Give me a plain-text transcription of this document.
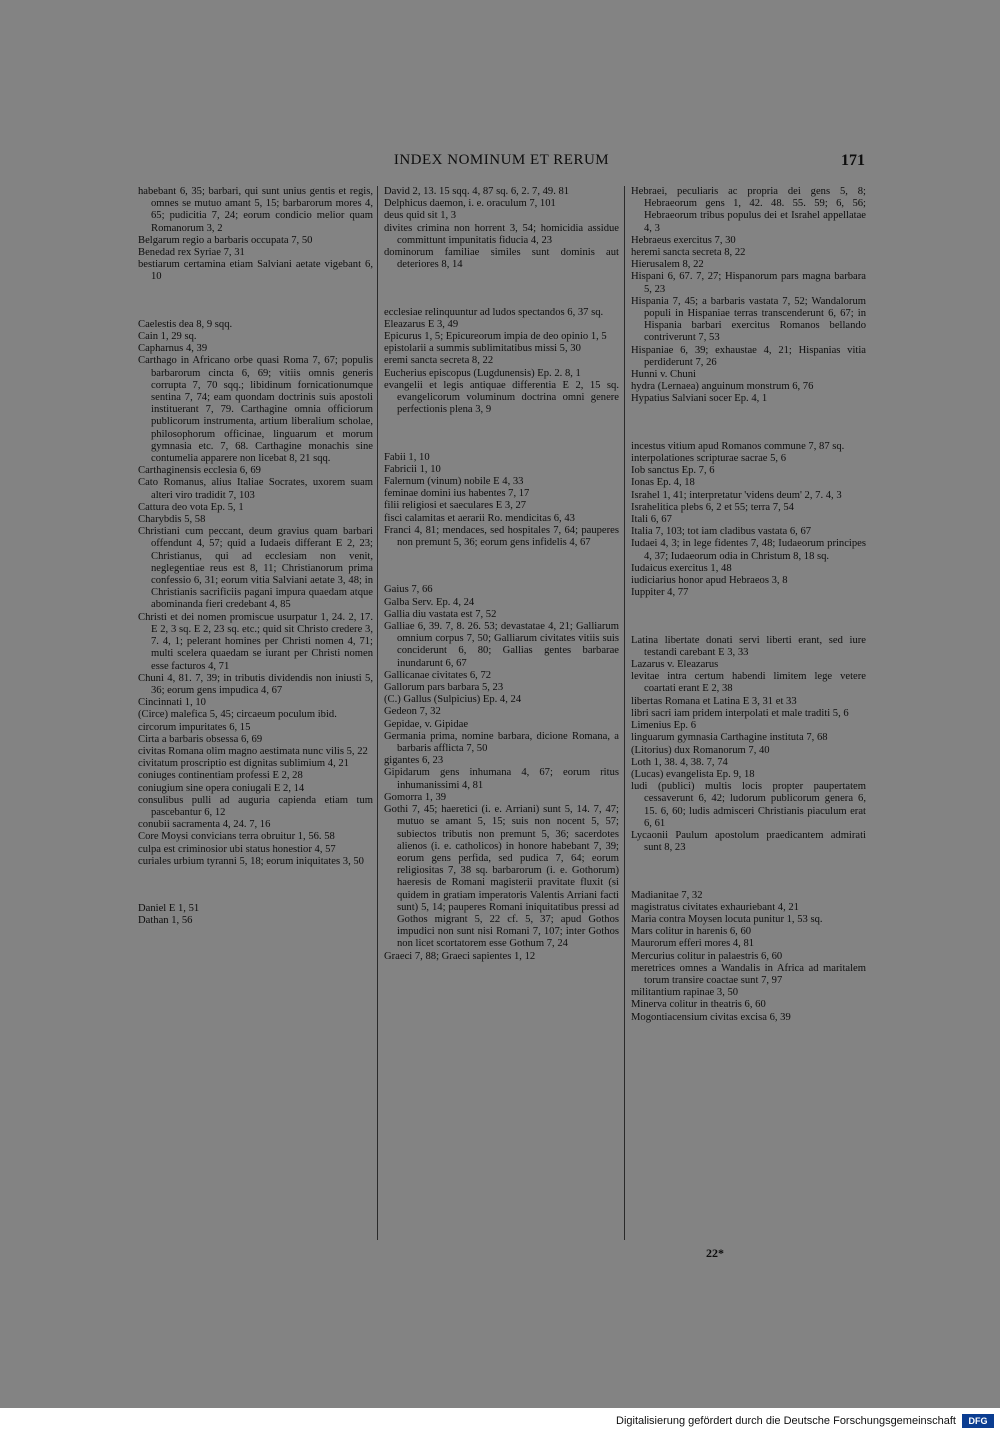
INDEX NOMINUM ET RERUM	171

habebant 6, 35; barbari, qui sunt unius gentis et regis, omnes se mutuo amant 5, 15; barbarorum mores 4, 65; pudicitia 7, 24; eorum condicio melior quam Romanorum 3, 2

Belgarum regio a barbaris occupata 7, 50

Benedad rex Syriae 7, 31

bestiarum certamina etiam Salviani aetate vigebant 6, 10

Caelestis dea 8, 9 sqq.

Cain 1, 29 sq.

Capharnus 4, 39

Carthago in Africano orbe quasi Roma 7, 67; populis barbarorum cincta 6, 69; vitiis omnis generis corrupta 7, 70 sqq.; libidinum fornicationumque sentina 7, 74; eam quondam doctrinis suis apostoli instituerant 7, 79. Carthagine omnia officiorum publicorum instrumenta, artium liberalium scholae, philosophorum officinae, linguarum et morum gymnasia etc. 7, 68. Carthagine monachis sine contumelia apparere non licebat 8, 21 sqq.

Carthaginensis ecclesia 6, 69

Cato Romanus, alius Italiae Socrates, uxorem suam alteri viro tradidit 7, 103

Cattura deo vota Ep. 5, 1

Charybdis 5, 58

Christiani cum peccant, deum gravius quam barbari offendunt 4, 57; quid a Iudaeis differant E 2, 23; Christianus, qui ad ecclesiam non venit, neglegentiae reus est 8, 11; Christianorum prima confessio 6, 31; eorum vitia Salviani aetate 3, 48; in Christianis sacrificiis pagani impura quaedam atque abominanda fieri credebant 4, 85

Christi et dei nomen promiscue usurpatur 1, 24. 2, 17. E 2, 3 sq. E 2, 23 sq. etc.; quid sit Christo credere 3, 7. 4, 1; pelerant homines per Christi nomen 4, 71; multi scelera quaedam se iurant per Christi nomen esse facturos 4, 71

Chuni 4, 81. 7, 39; in tributis dividendis non iniusti 5, 36; eorum gens impudica 4, 67

Cincinnati 1, 10

(Circe) malefica 5, 45; circaeum poculum ibid.

circorum impuritates 6, 15

Cirta a barbaris obsessa 6, 69

civitas Romana olim magno aestimata nunc vilis 5, 22

civitatum proscriptio est dignitas sublimium 4, 21

coniuges continentiam professi E 2, 28

coniugium sine opera coniugali E 2, 14

consulibus pulli ad auguria capienda etiam tum pascebantur 6, 12

conubii sacramenta 4, 24. 7, 16

Core Moysi convicians terra obruitur 1, 56. 58

culpa est criminosior ubi status honestior 4, 57

curiales urbium tyranni 5, 18; eorum iniquitates 3, 50

Daniel E 1, 51

Dathan 1, 56

David 2, 13. 15 sqq. 4, 87 sq. 6, 2. 7, 49. 81

Delphicus daemon, i. e. oraculum 7, 101

deus quid sit 1, 3

divites crimina non horrent 3, 54; homicidia assidue committunt impunitatis fiducia 4, 23

dominorum familiae similes sunt dominis aut deteriores 8, 14

ecclesiae relinquuntur ad ludos spectandos 6, 37 sq.

Eleazarus E 3, 49

Epicurus 1, 5; Epicureorum impia de deo opinio 1, 5

epistolarii a summis sublimitatibus missi 5, 30

eremi sancta secreta 8, 22

Eucherius episcopus (Lugdunensis) Ep. 2. 8, 1

evangelii et legis antiquae differentia E 2, 15 sq. evangelicorum voluminum doctrina omni genere perfectionis plena 3, 9

Fabii 1, 10

Fabricii 1, 10

Falernum (vinum) nobile E 4, 33

feminae domini ius habentes 7, 17

filii religiosi et saeculares E 3, 27

fisci calamitas et aerarii Ro. mendicitas 6, 43

Franci 4, 81; mendaces, sed hospitales 7, 64; pauperes non premunt 5, 36; eorum gens infidelis 4, 67

Gaius 7, 66

Galba Serv. Ep. 4, 24

Gallia diu vastata est 7, 52

Galliae 6, 39. 7, 8. 26. 53; devastatae 4, 21; Galliarum omnium corpus 7, 50; Galliarum civitates vitiis suis conciderunt 6, 80; Gallias gentes barbarae inundarunt 6, 67

Gallicanae civitates 6, 72

Gallorum pars barbara 5, 23

(C.) Gallus (Sulpicius) Ep. 4, 24

Gedeon 7, 32

Gepidae, v. Gipidae

Germania prima, nomine barbara, dicione Romana, a barbaris afflicta 7, 50

gigantes 6, 23

Gipidarum gens inhumana 4, 67; eorum ritus inhumanissimi 4, 81

Gomorra 1, 39

Gothi 7, 45; haeretici (i. e. Arriani) sunt 5, 14. 7, 47; mutuo se amant 5, 15; suis non nocent 5, 57; subiectos tributis non premunt 5, 36; sacerdotes alienos (i. e. catholicos) in honore habebant 7, 39; eorum gens perfida, sed pudica 7, 64; eorum religiositas 7, 38 sq. barbarorum (i. e. Gothorum) haeresis de Romani magisterii pravitate fluxit (si quidem in gratiam imperatoris Valentis Arriani facti sunt) 5, 14; pauperes Romani iniquitatibus pressi ad Gothos migrant 5, 22 cf. 5, 37; apud Gothos impudici non sunt nisi Romani 7, 107; inter Gothos non licet scortatorem esse Gothum 7, 24

Graeci 7, 88; Graeci sapientes 1, 12

Hebraei, peculiaris ac propria dei gens 5, 8; Hebraeorum gens 1, 42. 48. 55. 59; 6, 56; Hebraeorum tribus populus dei et Israhel appellatae 4, 3

Hebraeus exercitus 7, 30

heremi sancta secreta 8, 22

Hierusalem 8, 22

Hispani 6, 67. 7, 27; Hispanorum pars magna barbara 5, 23

Hispania 7, 45; a barbaris vastata 7, 52; Wandalorum populi in Hispaniae terras transcenderunt 6, 67; in Hispania barbari exercitus Romanos bellando contriverunt 7, 53

Hispaniae 6, 39; exhaustae 4, 21; Hispanias vitia perdiderunt 7, 26

Hunni v. Chuni

hydra (Lernaea) anguinum monstrum 6, 76

Hypatius Salviani socer Ep. 4, 1

incestus vitium apud Romanos commune 7, 87 sq.

interpolationes scripturae sacrae 5, 6

Iob sanctus Ep. 7, 6

Ionas Ep. 4, 18

Israhel 1, 41; interpretatur 'videns deum' 2, 7. 4, 3

Israhelitica plebs 6, 2 et 55; terra 7, 54

Itali 6, 67

Italia 7, 103; tot iam cladibus vastata 6, 67

Iudaei 4, 3; in lege fidentes 7, 48; Iudaeorum principes 4, 37; Iudaeorum odia in Christum 8, 18 sq.

Iudaicus exercitus 1, 48

iudiciarius honor apud Hebraeos 3, 8

Iuppiter 4, 77

Latina libertate donati servi liberti erant, sed iure testandi carebant E 3, 33

Lazarus v. Eleazarus

levitae intra certum habendi limitem lege vetere coartati erant E 2, 38

libertas Romana et Latina E 3, 31 et 33

libri sacri iam pridem interpolati et male traditi 5, 6

Limenius Ep. 6

linguarum gymnasia Carthagine instituta 7, 68

(Litorius) dux Romanorum 7, 40

Loth 1, 38. 4, 38. 7, 74

(Lucas) evangelista Ep. 9, 18

ludi (publici) multis locis propter paupertatem cessaverunt 6, 42; ludorum publicorum genera 6, 15. 6, 60; ludis admisceri Christianis piaculum erat 6, 61

Lycaonii Paulum apostolum praedicantem admirati sunt 8, 23

Madianitae 7, 32

magistratus civitates exhauriebant 4, 21

Maria contra Moysen locuta punitur 1, 53 sq.

Mars colitur in harenis 6, 60

Maurorum efferi mores 4, 81

Mercurius colitur in palaestris 6, 60

meretrices omnes a Wandalis in Africa ad maritalem torum transire coactae sunt 7, 97

militantium rapinae 3, 50

Minerva colitur in theatris 6, 60

Mogontiacensium civitas excisa 6, 39

22*
Digitalisierung gefördert durch die Deutsche Forschungsgemeinschaft	DFG
